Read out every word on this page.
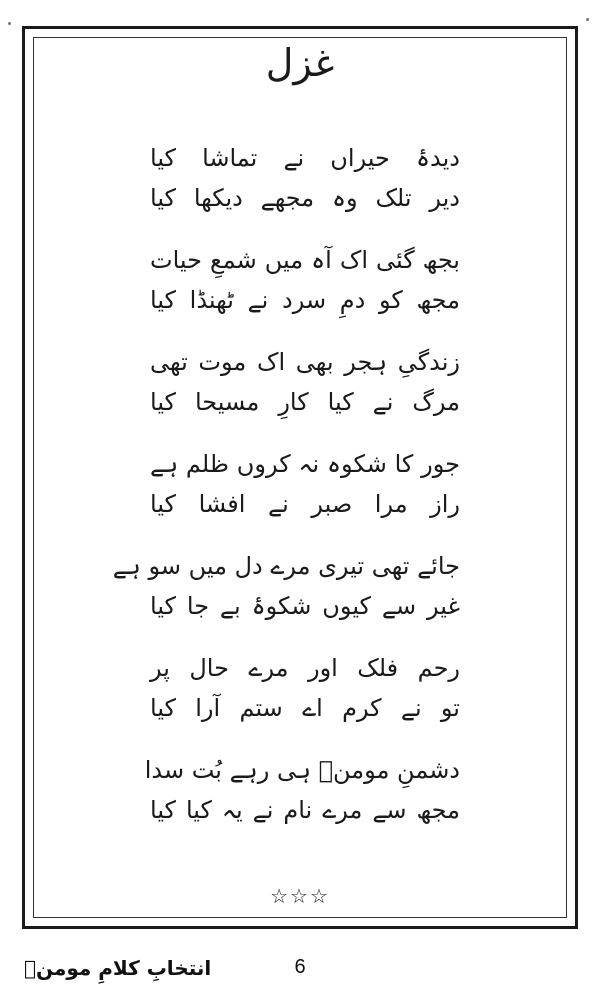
غزل
دیدۂ حیراں نے تماشا کیا
دیر تلک وہ مجھے دیکھا کیا
بجھ گئی اک آہ میں شمعِ حیات
مجھ کو دمِ سرد نے ٹھنڈا کیا
زندگیِ ہجر بھی اک موت تھی
مرگ نے کیا کارِ مسیحا کیا
جور کا شکوہ نہ کروں ظلم ہے
راز مرا صبر نے افشا کیا
جائے تھی تیری مرے دل میں سو ہے
غیر سے کیوں شکوۂ بے جا کیا
رحم فلک اور مرے حال پر
تو نے کرم اے ستم آرا کیا
دشمنِ مومنؔ ہی رہے بُت سدا
مجھ سے مرے نام نے یہ کیا کیا
☆☆☆
انتخابِ کلامِ مومنؔ	6
